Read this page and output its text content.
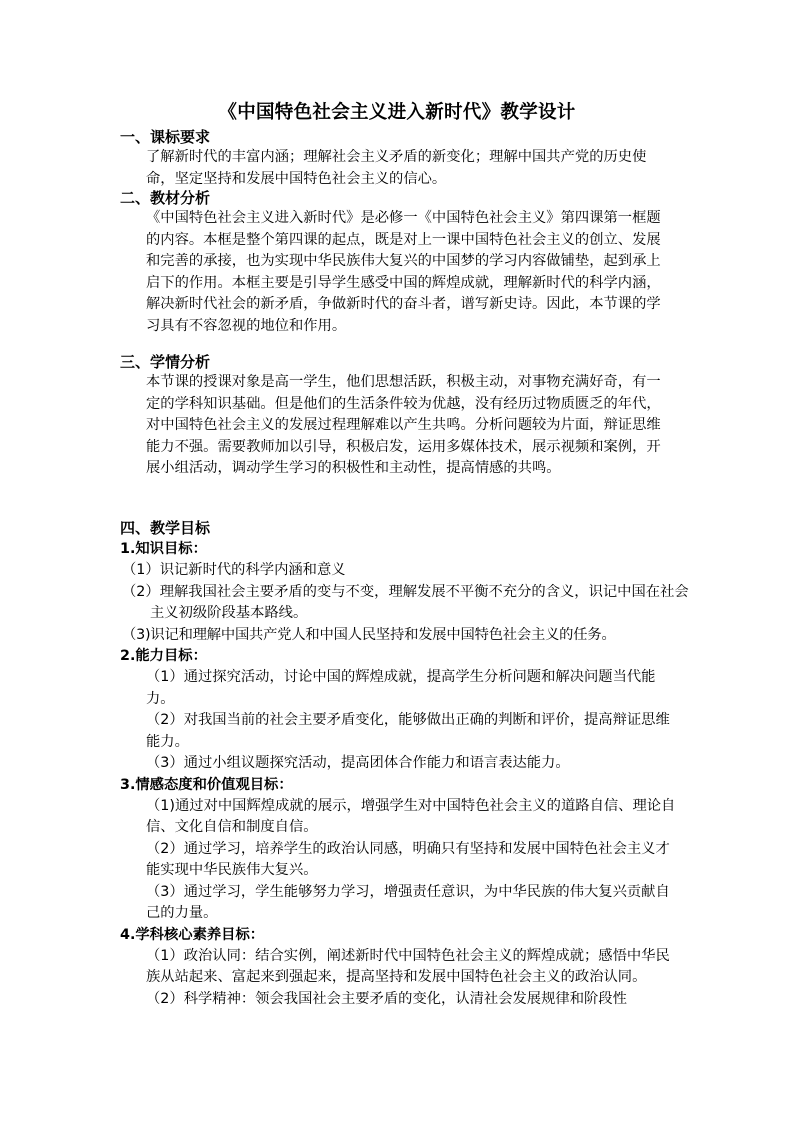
《中国特色社会主义进入新时代》教学设计
一、课标要求
了解新时代的丰富内涵；理解社会主义矛盾的新变化；理解中国共产党的历史使命，坚定坚持和发展中国特色社会主义的信心。
二、教材分析
《中国特色社会主义进入新时代》是必修一《中国特色社会主义》第四课第一框题的内容。本框是整个第四课的起点，既是对上一课中国特色社会主义的创立、发展和完善的承接，也为实现中华民族伟大复兴的中国梦的学习内容做铺垫，起到承上启下的作用。本框主要是引导学生感受中国的辉煌成就，理解新时代的科学内涵，解决新时代社会的新矛盾，争做新时代的奋斗者，谱写新史诗。因此，本节课的学习具有不容忽视的地位和作用。
三、学情分析
本节课的授课对象是高一学生，他们思想活跃，积极主动，对事物充满好奇，有一定的学科知识基础。但是他们的生活条件较为优越，没有经历过物质匮乏的年代，对中国特色社会主义的发展过程理解难以产生共鸣。分析问题较为片面，辩证思维能力不强。需要教师加以引导，积极启发，运用多媒体技术，展示视频和案例，开展小组活动，调动学生学习的积极性和主动性，提高情感的共鸣。
四、教学目标
1.知识目标：
（1）识记新时代的科学内涵和意义
（2）理解我国社会主要矛盾的变与不变，理解发展不平衡不充分的含义，识记中国在社会主义初级阶段基本路线。
（3)识记和理解中国共产党人和中国人民坚持和发展中国特色社会主义的任务。
2.能力目标：
（1）通过探究活动，讨论中国的辉煌成就，提高学生分析问题和解决问题当代能力。
（2）对我国当前的社会主要矛盾变化，能够做出正确的判断和评价，提高辩证思维能力。
（3）通过小组议题探究活动，提高团体合作能力和语言表达能力。
3.情感态度和价值观目标：
（1)通过对中国辉煌成就的展示，增强学生对中国特色社会主义的道路自信、理论自信、文化自信和制度自信。
（2）通过学习，培养学生的政治认同感，明确只有坚持和发展中国特色社会主义才能实现中华民族伟大复兴。
（3）通过学习，学生能够努力学习，增强责任意识，为中华民族的伟大复兴贡献自己的力量。
4.学科核心素养目标：
（1）政治认同：结合实例，阐述新时代中国特色社会主义的辉煌成就；感悟中华民族从站起来、富起来到强起来，提高坚持和发展中国特色社会主义的政治认同。
（2）科学精神：领会我国社会主要矛盾的变化，认清社会发展规律和阶段性
